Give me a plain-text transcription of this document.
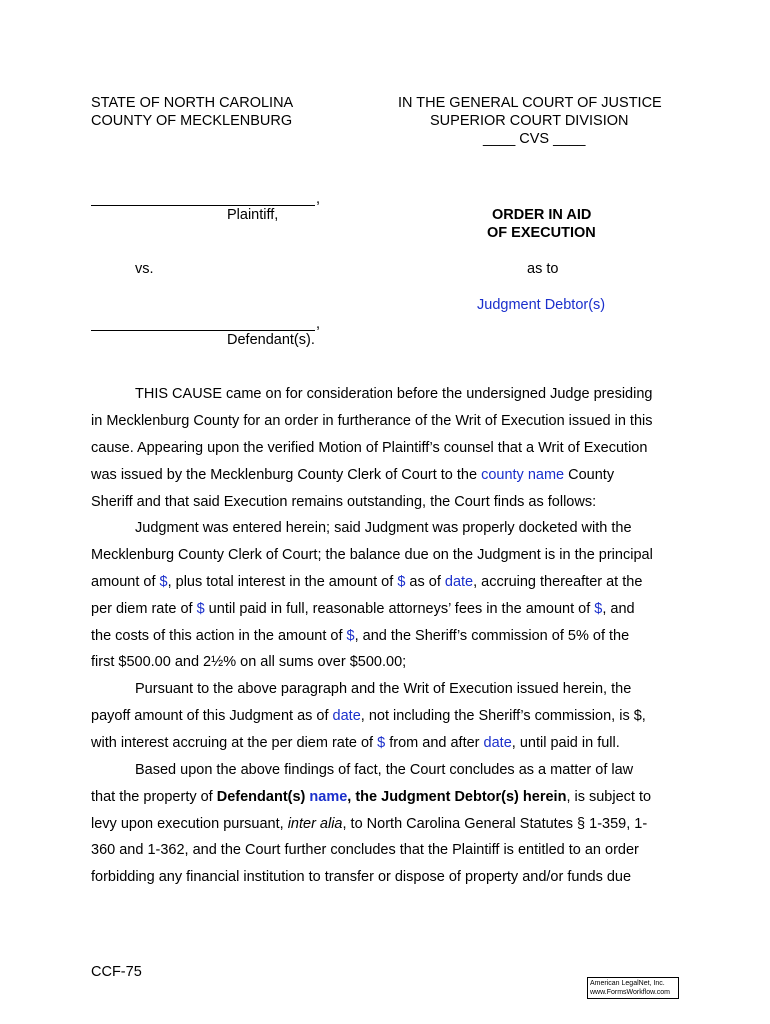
STATE OF NORTH CAROLINA
COUNTY OF MECKLENBURG
IN THE GENERAL COURT OF JUSTICE
SUPERIOR COURT DIVISION
____ CVS ____
,
Plaintiff,
vs.
,
Defendant(s).
ORDER IN AID
OF EXECUTION
as to
Judgment Debtor(s)
THIS CAUSE came on for consideration before the undersigned Judge presiding
in Mecklenburg County for an order in furtherance of the Writ of Execution issued in this
cause. Appearing upon the verified Motion of Plaintiff’s counsel that a Writ of Execution
was issued by the Mecklenburg County Clerk of Court to the county name County
Sheriff and that said Execution remains outstanding, the Court finds as follows:
Judgment was entered herein; said Judgment was properly docketed with the
Mecklenburg County Clerk of Court; the balance due on the Judgment is in the principal
amount of $, plus total interest in the amount of $ as of date, accruing thereafter at the
per diem rate of $ until paid in full, reasonable attorneys’ fees in the amount of $, and
the costs of this action in the amount of $, and the Sheriff’s commission of 5% of the
first $500.00 and 2½% on all sums over $500.00;
Pursuant to the above paragraph and the Writ of Execution issued herein, the
payoff amount of this Judgment as of date, not including the Sheriff’s commission, is $,
with interest accruing at the per diem rate of $ from and after date, until paid in full.
Based upon the above findings of fact, the Court concludes as a matter of law
that the property of Defendant(s) name, the Judgment Debtor(s) herein, is subject to
levy upon execution pursuant, inter alia, to North Carolina General Statutes § 1-359, 1-
360 and 1-362, and the Court further concludes that the Plaintiff is entitled to an order
forbidding any financial institution to transfer or dispose of property and/or funds due
CCF-75
American LegalNet, Inc.
www.FormsWorkflow.com
